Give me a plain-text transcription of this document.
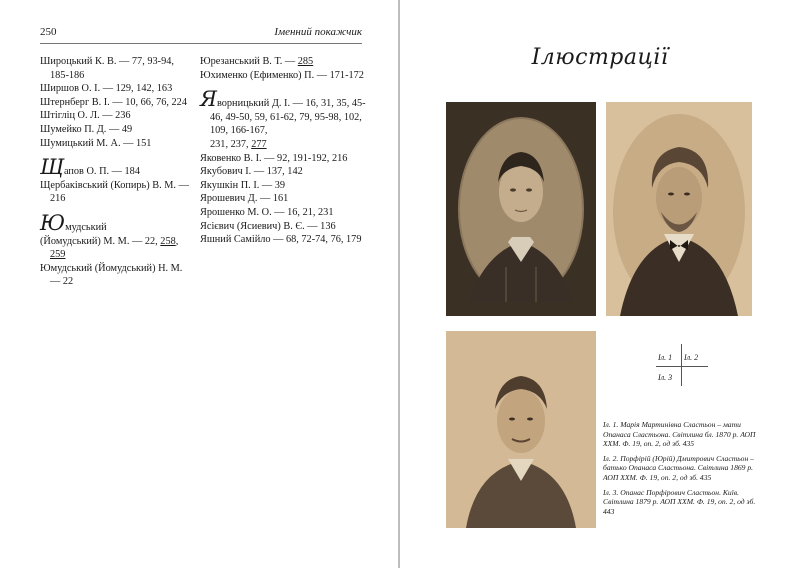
250	Іменний покажчик

Широцький К. В. — 77, 93-94, 185-186

Ширшов О. І. — 129, 142, 163

Штернберг В. І. — 10, 66, 76, 224

Штігліц О. Л. — 236

Шумейко П. Д. — 49

Шумицький М. А. — 151

Щапов О. П. — 184

Щербаківський (Копирь) В. М. — 216

Юмудський

(Йомудський) М. М. — 22, 258, 259

Юмудський (Йомудський) Н. М. — 22

Юрезанський В. Т. — 285

Юхименко (Ефименко) П. — 171-172

Яворницький Д. І. — 16, 31, 35, 45-46, 49-50, 59, 61-62, 79, 95-98, 102, 109, 166-167,

231, 237, 277

Яковенко В. І. — 92, 191-192, 216

Якубович І. — 137, 142

Якушкін П. І. — 39

Ярошевич Д. — 161

Ярошенко М. О. — 16, 21, 231

Ясієвич (Ясиевич) В. Є. — 136

Яшний Самійло — 68, 72-74, 76, 179

Ілюстрації
Іл. 1 Іл. 2
Іл. 3

Іл. 1. Марія Мартинівна Сластьон – мати Опанаса Сластьона. Світлина бл. 1870 р. АОП ХХМ. Ф. 19, оп. 2, од зб. 435

Іл. 2. Порфірій (Юрій) Дмитрович Сластьон – батько Опанаса Сластьона. Світлина 1869 р. АОП ХХМ. Ф. 19, оп. 2, од зб. 435

Іл. 3. Опанас Порфірович Сластьон. Київ. Світлина 1879 р. АОП ХХМ. Ф. 19, оп. 2, од зб. 443
